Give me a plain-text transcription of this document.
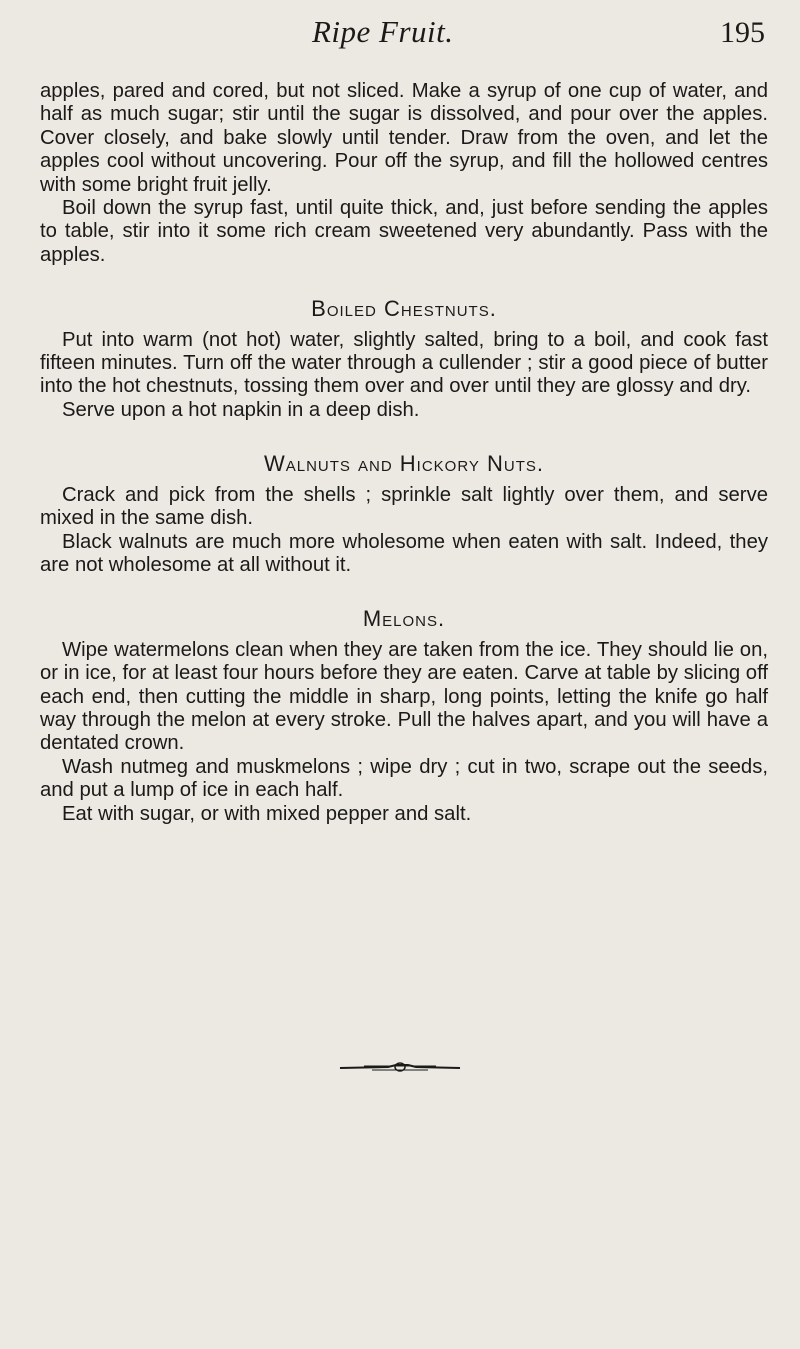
Ripe Fruit.	195

apples, pared and cored, but not sliced. Make a syrup of one cup of water, and half as much sugar; stir until the sugar is dissolved, and pour over the apples. Cover closely, and bake slowly until tender. Draw from the oven, and let the apples cool without uncovering. Pour off the syrup, and fill the hollowed centres with some bright fruit jelly.

Boil down the syrup fast, until quite thick, and, just before sending the apples to table, stir into it some rich cream sweetened very abundantly. Pass with the apples.

Boiled Chestnuts.

Put into warm (not hot) water, slightly salted, bring to a boil, and cook fast fifteen minutes. Turn off the water through a cullender ; stir a good piece of butter into the hot chestnuts, tossing them over and over until they are glossy and dry.

Serve upon a hot napkin in a deep dish.

Walnuts and Hickory Nuts.

Crack and pick from the shells ; sprinkle salt lightly over them, and serve mixed in the same dish.

Black walnuts are much more wholesome when eaten with salt. Indeed, they are not wholesome at all without it.

Melons.

Wipe watermelons clean when they are taken from the ice. They should lie on, or in ice, for at least four hours before they are eaten. Carve at table by slicing off each end, then cutting the middle in sharp, long points, letting the knife go half way through the melon at every stroke. Pull the halves apart, and you will have a dentated crown.

Wash nutmeg and muskmelons ; wipe dry ; cut in two, scrape out the seeds, and put a lump of ice in each half.

Eat with sugar, or with mixed pepper and salt.
